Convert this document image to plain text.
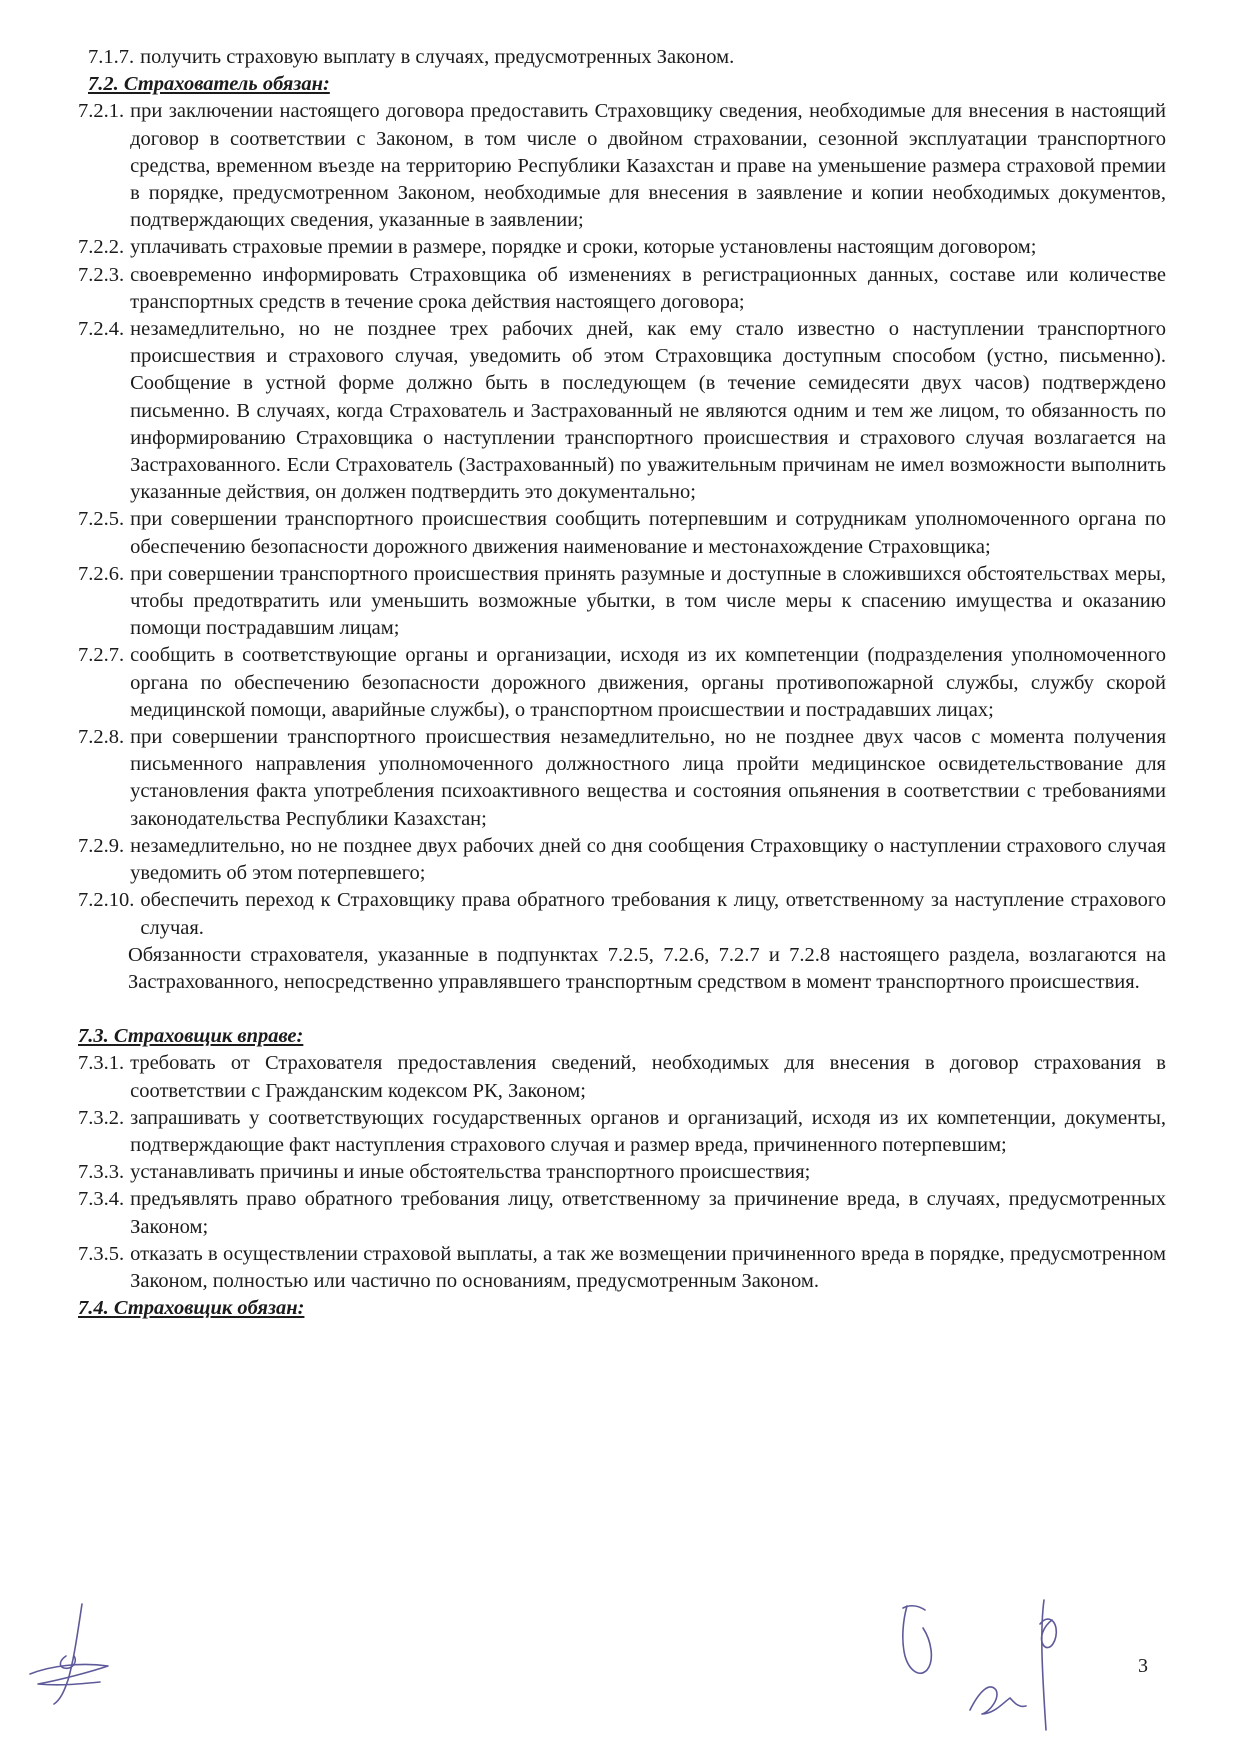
7.1.7. получить страховую выплату в случаях, предусмотренных Законом.

7.2. Страхователь обязан:

7.2.1. при заключении настоящего договора предоставить Страховщику сведения, необходимые для внесения в настоящий договор в соответствии с Законом, в том числе о двойном страховании, сезонной эксплуатации транспортного средства, временном въезде на территорию Республики Казахстан и праве на уменьшение размера страховой премии в порядке, предусмотренном Законом, необходимые для внесения в заявление и копии необходимых документов, подтверждающих сведения, указанные в заявлении;
7.2.2. уплачивать страховые премии в размере, порядке и сроки, которые установлены настоящим договором;
7.2.3. своевременно информировать Страховщика об изменениях в регистрационных данных, составе или количестве транспортных средств в течение срока действия настоящего договора;
7.2.4. незамедлительно, но не позднее трех рабочих дней, как ему стало известно о наступлении транспортного происшествия и страхового случая, уведомить об этом Страховщика доступным способом (устно, письменно). Сообщение в устной форме должно быть в последующем (в течение семидесяти двух часов) подтверждено письменно. В случаях, когда Страхователь и Застрахованный не являются одним и тем же лицом, то обязанность по информированию Страховщика о наступлении транспортного происшествия и страхового случая возлагается на Застрахованного. Если Страхователь (Застрахованный) по уважительным причинам не имел возможности выполнить указанные действия, он должен подтвердить это документально;
7.2.5. при совершении транспортного происшествия сообщить потерпевшим и сотрудникам уполномоченного органа по обеспечению безопасности дорожного движения наименование и местонахождение Страховщика;
7.2.6. при совершении транспортного происшествия принять разумные и доступные в сложившихся обстоятельствах меры, чтобы предотвратить или уменьшить возможные убытки, в том числе меры к спасению имущества и оказанию помощи пострадавшим лицам;
7.2.7. сообщить в соответствующие органы и организации, исходя из их компетенции (подразделения уполномоченного органа по обеспечению безопасности дорожного движения, органы противопожарной службы, службу скорой медицинской помощи, аварийные службы), о транспортном происшествии и пострадавших лицах;
7.2.8. при совершении транспортного происшествия незамедлительно, но не позднее двух часов с момента получения письменного направления уполномоченного должностного лица пройти медицинское освидетельствование для установления факта употребления психоактивного вещества и состояния опьянения в соответствии с требованиями законодательства Республики Казахстан;
7.2.9. незамедлительно, но не позднее двух рабочих дней со дня сообщения Страховщику о наступлении страхового случая уведомить об этом потерпевшего;
7.2.10. обеспечить переход к Страховщику права обратного требования к лицу, ответственному за наступление страхового случая.

Обязанности страхователя, указанные в подпунктах 7.2.5, 7.2.6, 7.2.7 и 7.2.8 настоящего раздела, возлагаются на Застрахованного, непосредственно управлявшего транспортным средством в момент транспортного происшествия.

7.3. Страховщик вправе:

7.3.1. требовать от Страхователя предоставления сведений, необходимых для внесения в договор страхования в соответствии с Гражданским кодексом РК, Законом;
7.3.2. запрашивать у соответствующих государственных органов и организаций, исходя из их компетенции, документы, подтверждающие факт наступления страхового случая и размер вреда, причиненного потерпевшим;
7.3.3. устанавливать причины и иные обстоятельства транспортного происшествия;
7.3.4. предъявлять право обратного требования лицу, ответственному за причинение вреда, в случаях, предусмотренных Законом;
7.3.5. отказать в осуществлении страховой выплаты, а так же возмещении причиненного вреда в порядке, предусмотренном Законом, полностью или частично по основаниям, предусмотренным Законом.

7.4. Страховщик обязан:

3
